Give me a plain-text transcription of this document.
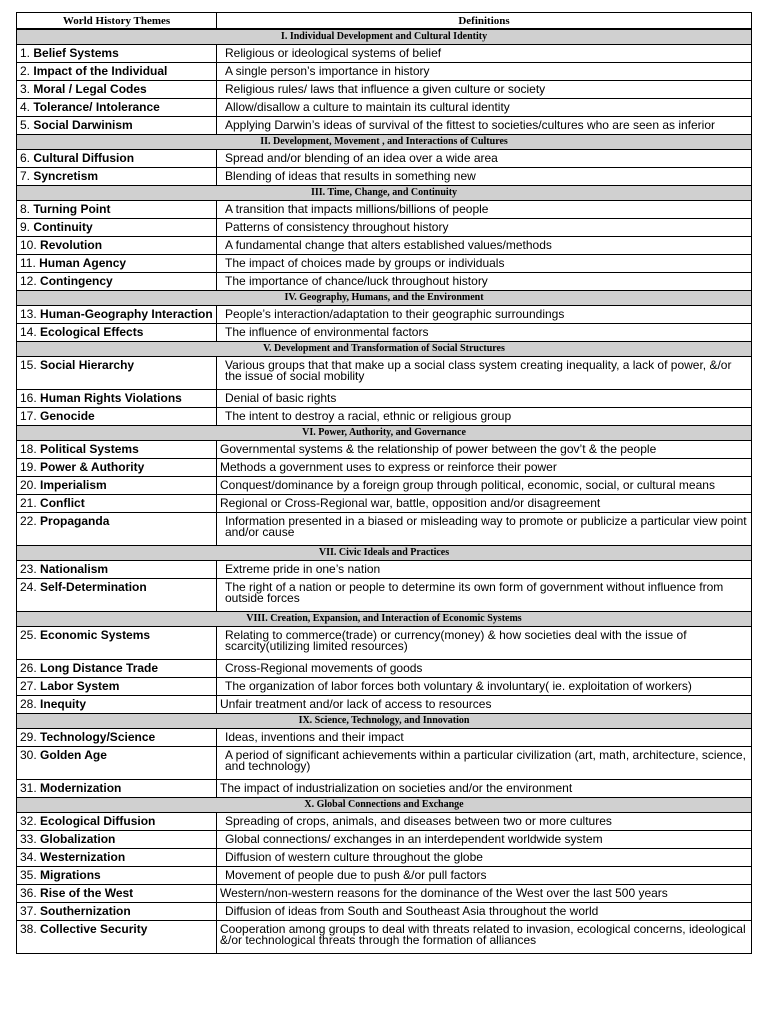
World History Themes	Definitions
I. Individual Development and Cultural Identity	
1. Belief Systems	Religious or ideological systems of belief
2. Impact of the Individual	A single person’s importance in history
3. Moral / Legal Codes	Religious rules/ laws that influence a given culture or society
4. Tolerance/ Intolerance	Allow/disallow a culture to maintain its cultural identity
5. Social Darwinism	Applying Darwin’s ideas of survival of the fittest to societies/cultures who are seen as inferior
II. Development, Movement , and Interactions of Cultures	
6. Cultural Diffusion	Spread and/or blending of an idea over a wide area
7. Syncretism	Blending of ideas that results in something new
III. Time, Change, and Continuity	
8. Turning Point	A transition that impacts millions/billions of people
9. Continuity	Patterns of consistency throughout history
10. Revolution	A fundamental change that alters established values/methods
11. Human Agency	The impact of choices made by groups or individuals
12. Contingency	The importance of chance/luck throughout history
IV. Geography, Humans, and the Environment	
13. Human-Geography Interaction	People’s interaction/adaptation to their geographic surroundings
14. Ecological Effects	The influence of environmental factors
V. Development and Transformation of Social Structures	
15. Social Hierarchy	Various groups that that make up a social class system creating inequality, a lack of power, &/or the issue of social mobility
16. Human Rights Violations	Denial of basic rights
17. Genocide	The intent to destroy a racial, ethnic or religious group
VI. Power, Authority, and Governance	
18. Political Systems	Governmental systems & the relationship of power between the gov’t & the people
19. Power & Authority	Methods a government uses to express or reinforce their power
20. Imperialism	Conquest/dominance by a foreign group through political, economic, social, or cultural means
21. Conflict	Regional or Cross-Regional war, battle, opposition and/or disagreement
22. Propaganda	Information presented in a biased or misleading way to promote or publicize a particular view point and/or cause
VII. Civic Ideals and Practices	
23. Nationalism	Extreme pride in one’s nation
24. Self-Determination	The right of a nation or people to determine its own form of government without influence from outside forces
VIII. Creation, Expansion, and Interaction of Economic Systems	
25. Economic Systems	Relating to commerce(trade) or currency(money) & how societies deal with the issue of scarcity(utilizing limited resources)
26. Long Distance Trade	Cross-Regional movements of goods
27. Labor System	The organization of labor forces both voluntary & involuntary( ie. exploitation of workers)
28. Inequity	Unfair treatment and/or lack of access to resources
IX. Science, Technology, and Innovation	
29. Technology/Science	Ideas, inventions and their impact
30. Golden Age	A period of significant achievements within a particular civilization (art, math, architecture, science, and technology)
31. Modernization	The impact of industrialization on societies and/or the environment
X. Global Connections and Exchange	
32. Ecological Diffusion	Spreading of crops, animals, and diseases between two or more cultures
33. Globalization	Global connections/ exchanges in an interdependent worldwide system
34. Westernization	Diffusion of western culture throughout the globe
35. Migrations	Movement of people due to push &/or pull factors
36. Rise of the West	Western/non-western reasons for the dominance of the West over the last 500 years
37. Southernization	Diffusion of ideas from South and Southeast Asia throughout the world
38. Collective Security	Cooperation among groups to deal with threats related to invasion, ecological concerns, ideological &/or technological threats through the formation of alliances
